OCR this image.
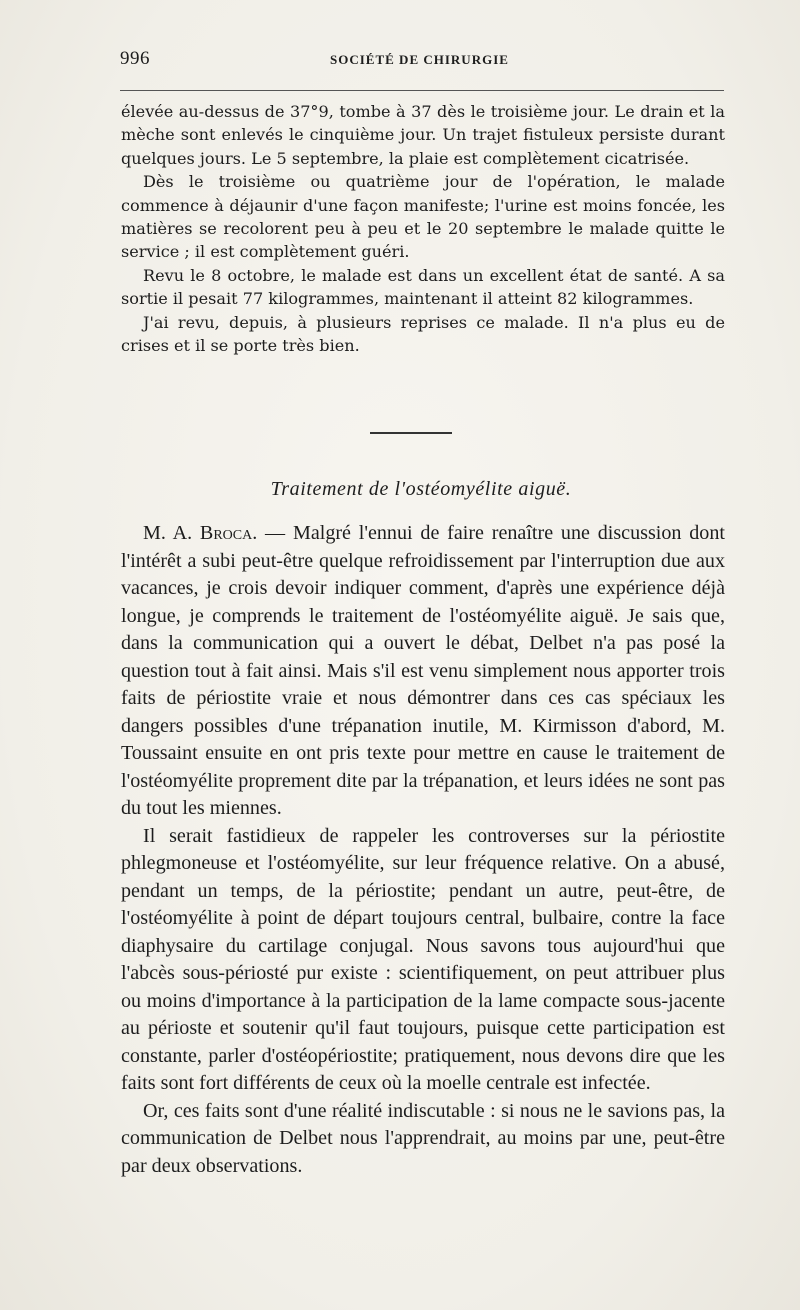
996	SOCIÉTÉ DE CHIRURGIE

élevée au-dessus de 37°9, tombe à 37 dès le troisième jour. Le drain et la mèche sont enlevés le cinquième jour. Un trajet fistuleux persiste durant quelques jours. Le 5 septembre, la plaie est complètement cicatrisée.

Dès le troisième ou quatrième jour de l'opération, le malade commence à déjaunir d'une façon manifeste; l'urine est moins foncée, les matières se recolorent peu à peu et le 20 septembre le malade quitte le service ; il est complètement guéri.

Revu le 8 octobre, le malade est dans un excellent état de santé. A sa sortie il pesait 77 kilogrammes, maintenant il atteint 82 kilogrammes.

J'ai revu, depuis, à plusieurs reprises ce malade. Il n'a plus eu de crises et il se porte très bien.

Traitement de l'ostéomyélite aiguë.

M. A. Broca. — Malgré l'ennui de faire renaître une discussion dont l'intérêt a subi peut-être quelque refroidissement par l'interruption due aux vacances, je crois devoir indiquer comment, d'après une expérience déjà longue, je comprends le traitement de l'ostéomyélite aiguë. Je sais que, dans la communication qui a ouvert le débat, Delbet n'a pas posé la question tout à fait ainsi. Mais s'il est venu simplement nous apporter trois faits de périostite vraie et nous démontrer dans ces cas spéciaux les dangers possibles d'une trépanation inutile, M. Kirmisson d'abord, M. Toussaint ensuite en ont pris texte pour mettre en cause le traitement de l'ostéomyélite proprement dite par la trépanation, et leurs idées ne sont pas du tout les miennes.

Il serait fastidieux de rappeler les controverses sur la périostite phlegmoneuse et l'ostéomyélite, sur leur fréquence relative. On a abusé, pendant un temps, de la périostite; pendant un autre, peut-être, de l'ostéomyélite à point de départ toujours central, bulbaire, contre la face diaphysaire du cartilage conjugal. Nous savons tous aujourd'hui que l'abcès sous-périosté pur existe : scientifiquement, on peut attribuer plus ou moins d'importance à la participation de la lame compacte sous-jacente au périoste et soutenir qu'il faut toujours, puisque cette participation est constante, parler d'ostéopériostite; pratiquement, nous devons dire que les faits sont fort différents de ceux où la moelle centrale est infectée.

Or, ces faits sont d'une réalité indiscutable : si nous ne le savions pas, la communication de Delbet nous l'apprendrait, au moins par une, peut-être par deux observations.
